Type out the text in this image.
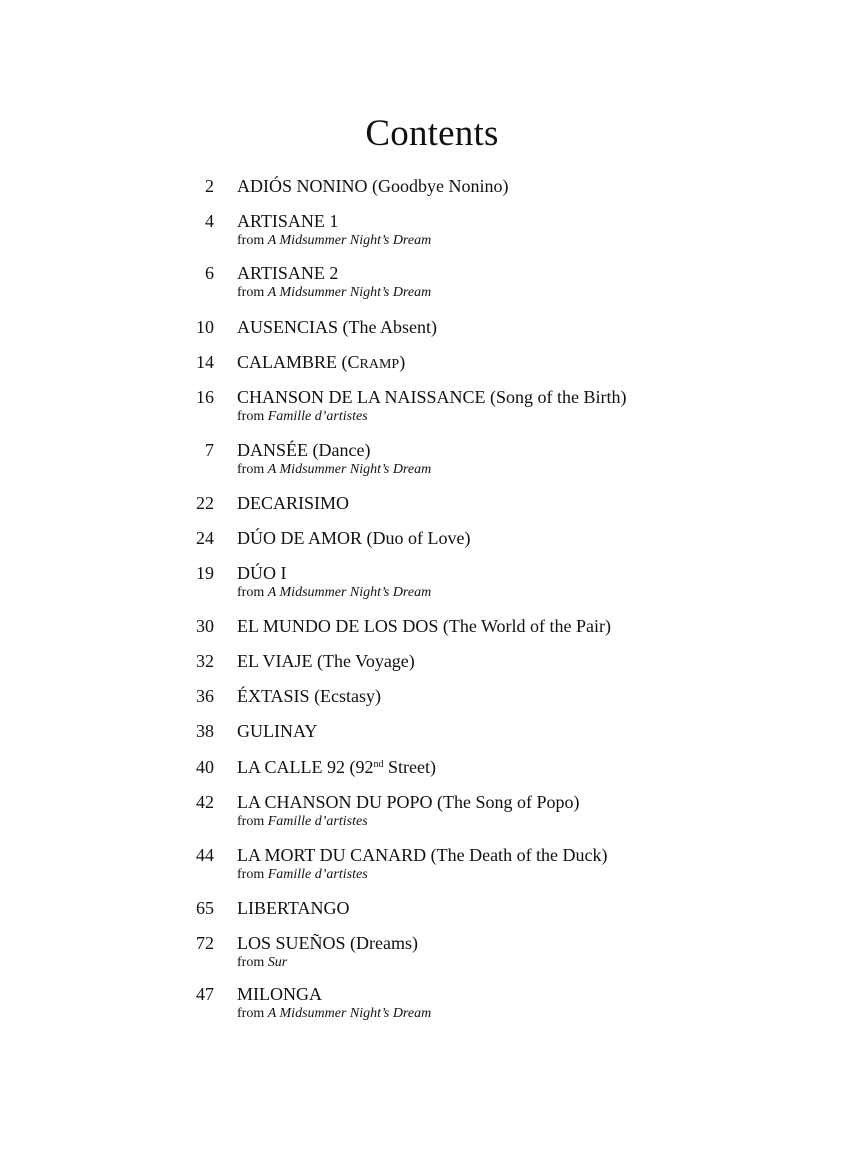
Contents
2 ADIÓS NONINO (Goodbye Nonino)
4 ARTISANE 1
from A Midsummer Night’s Dream
6 ARTISANE 2
from A Midsummer Night’s Dream
10 AUSENCIAS (The Absent)
14 CALAMBRE (CRAMP)
16 CHANSON DE LA NAISSANCE (Song of the Birth)
from Famille d’artistes
7 DANSÉE (Dance)
from A Midsummer Night’s Dream
22 DECARISIMO
24 DÚO DE AMOR (Duo of Love)
19 DÚO I
from A Midsummer Night’s Dream
30 EL MUNDO DE LOS DOS (The World of the Pair)
32 EL VIAJE (The Voyage)
36 ÉXTASIS (Ecstasy)
38 GULINAY
40 LA CALLE 92 (92nd Street)
42 LA CHANSON DU POPO (The Song of Popo)
from Famille d’artistes
44 LA MORT DU CANARD (The Death of the Duck)
from Famille d’artistes
65 LIBERTANGO
72 LOS SUEÑOS (Dreams)
from Sur
47 MILONGA
from A Midsummer Night’s Dream
